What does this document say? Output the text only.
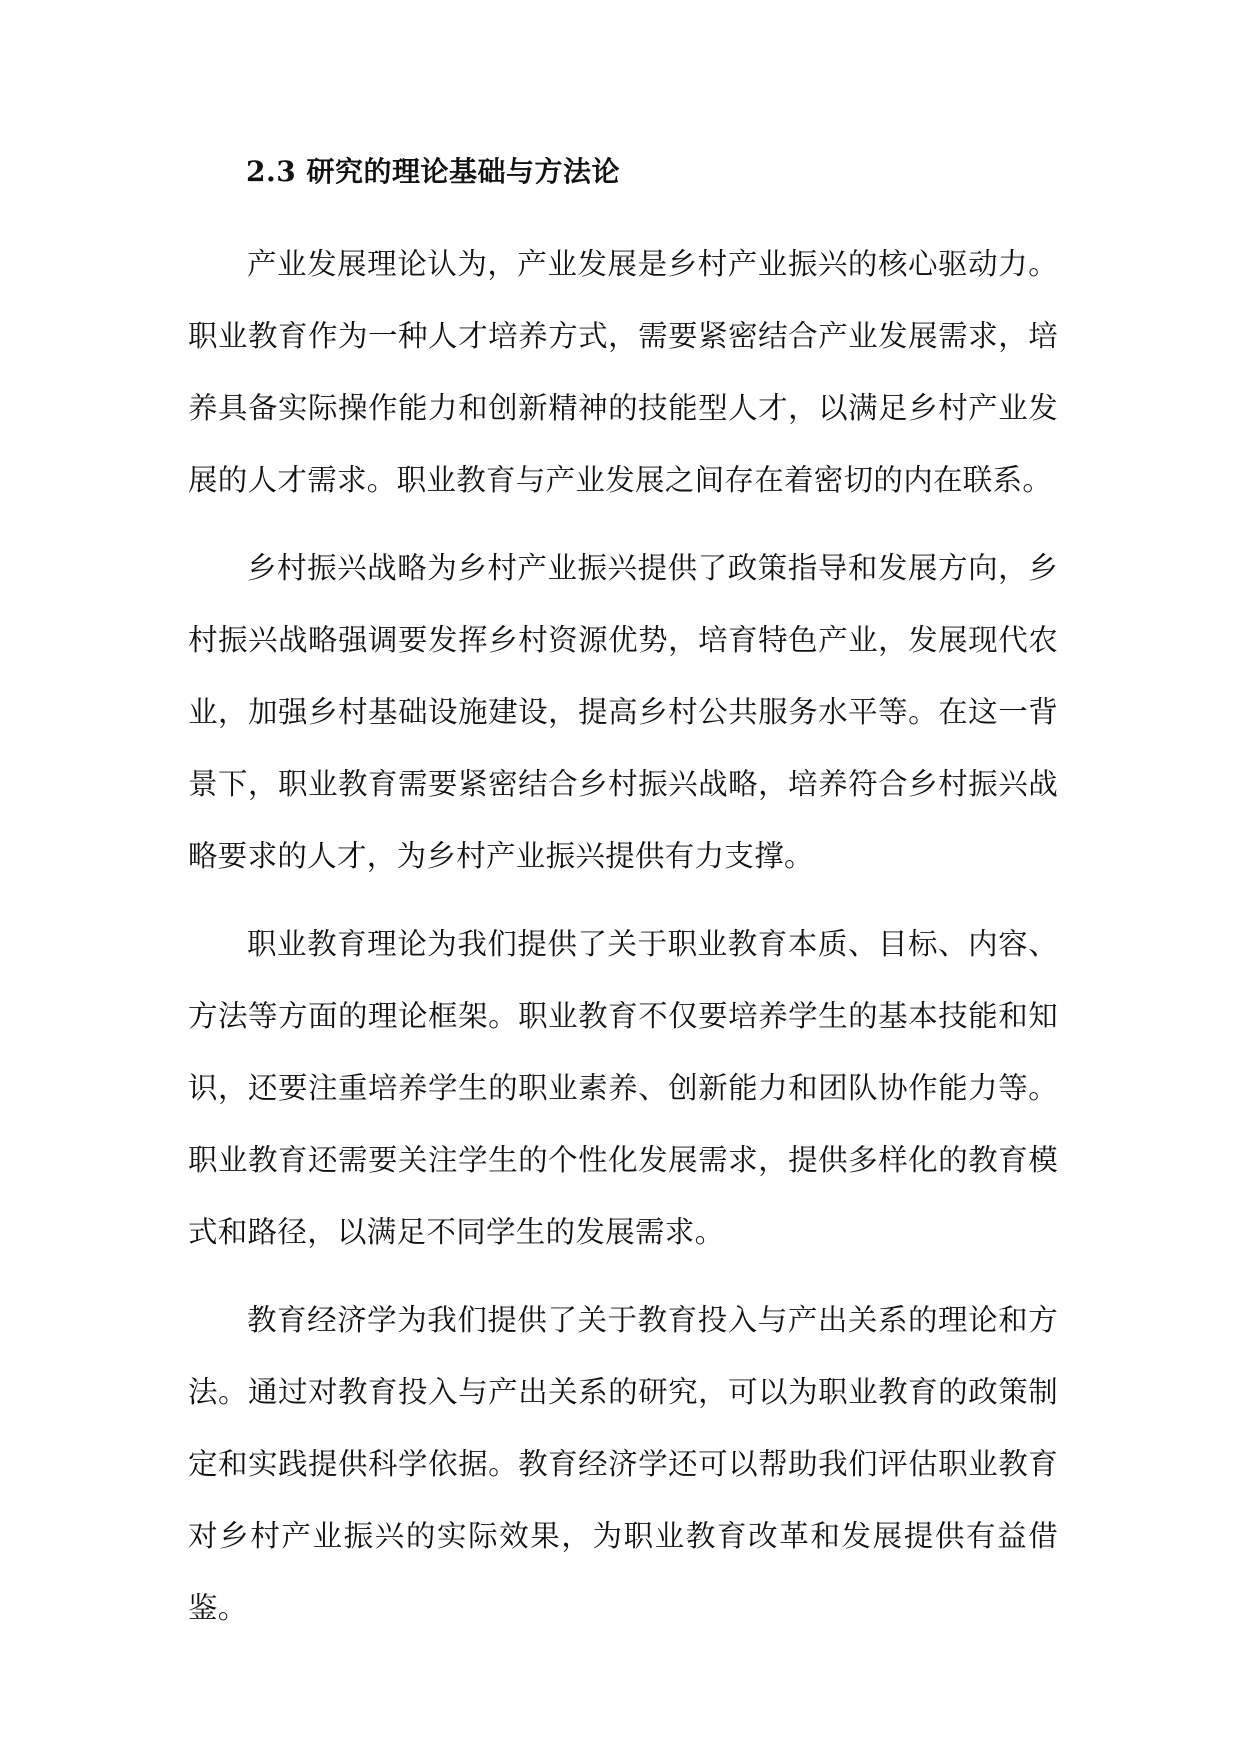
2.3 研究的理论基础与方法论

产业发展理论认为，产业发展是乡村产业振兴的核心驱动力。职业教育作为一种人才培养方式，需要紧密结合产业发展需求，培养具备实际操作能力和创新精神的技能型人才，以满足乡村产业发展的人才需求。职业教育与产业发展之间存在着密切的内在联系。

乡村振兴战略为乡村产业振兴提供了政策指导和发展方向，乡村振兴战略强调要发挥乡村资源优势，培育特色产业，发展现代农业，加强乡村基础设施建设，提高乡村公共服务水平等。在这一背景下，职业教育需要紧密结合乡村振兴战略，培养符合乡村振兴战略要求的人才，为乡村产业振兴提供有力支撑。

职业教育理论为我们提供了关于职业教育本质、目标、内容、方法等方面的理论框架。职业教育不仅要培养学生的基本技能和知识，还要注重培养学生的职业素养、创新能力和团队协作能力等。职业教育还需要关注学生的个性化发展需求，提供多样化的教育模式和路径，以满足不同学生的发展需求。

教育经济学为我们提供了关于教育投入与产出关系的理论和方法。通过对教育投入与产出关系的研究，可以为职业教育的政策制定和实践提供科学依据。教育经济学还可以帮助我们评估职业教育对乡村产业振兴的实际效果，为职业教育改革和发展提供有益借鉴。
